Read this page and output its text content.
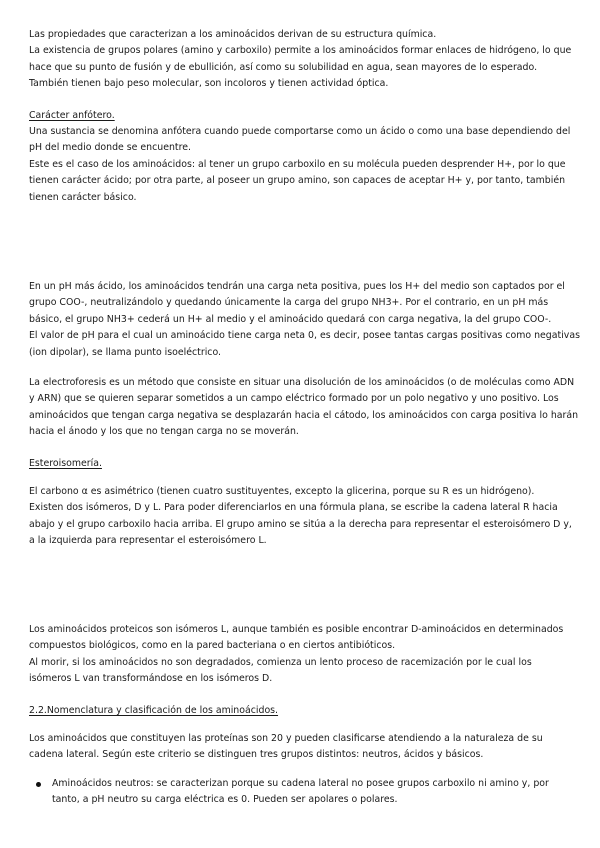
Las propiedades que caracterizan a los aminoácidos derivan de su estructura química.
La existencia de grupos polares (amino y carboxilo) permite a los aminoácidos formar enlaces de hidrógeno, lo que
hace que su punto de fusión y de ebullición, así como su solubilidad en agua, sean mayores de lo esperado.
También tienen bajo peso molecular, son incoloros y tienen actividad óptica.

Carácter anfótero.

Una sustancia se denomina anfótera cuando puede comportarse como un ácido o como una base dependiendo del
pH del medio donde se encuentre.
Este es el caso de los aminoácidos: al tener un grupo carboxilo en su molécula pueden desprender H+, por lo que
tienen carácter ácido; por otra parte, al poseer un grupo amino, son capaces de aceptar H+ y, por tanto, también
tienen carácter básico.

En un pH más ácido, los aminoácidos tendrán una carga neta positiva, pues los H+ del medio son captados por el
grupo COO-, neutralizándolo y quedando únicamente la carga del grupo NH3+. Por el contrario, en un pH más
básico, el grupo NH3+ cederá un H+ al medio y el aminoácido quedará con carga negativa, la del grupo COO-.
El valor de pH para el cual un aminoácido tiene carga neta 0, es decir, posee tantas cargas positivas como negativas
(ion dipolar), se llama punto isoeléctrico.

La electroforesis es un método que consiste en situar una disolución de los aminoácidos (o de moléculas como ADN
y ARN) que se quieren separar sometidos a un campo eléctrico formado por un polo negativo y uno positivo. Los
aminoácidos que tengan carga negativa se desplazarán hacia el cátodo, los aminoácidos con carga positiva lo harán
hacia el ánodo y los que no tengan carga no se moverán.

Esteroisomería.

El carbono α es asimétrico (tienen cuatro sustituyentes, excepto la glicerina, porque su R es un hidrógeno).
Existen dos isómeros, D y L. Para poder diferenciarlos en una fórmula plana, se escribe la cadena lateral R hacia
abajo y el grupo carboxilo hacia arriba. El grupo amino se sitúa a la derecha para representar el esteroisómero D y,
a la izquierda para representar el esteroisómero L.

Los aminoácidos proteicos son isómeros L, aunque también es posible encontrar D-aminoácidos en determinados
compuestos biológicos, como en la pared bacteriana o en ciertos antibióticos.
Al morir, si los aminoácidos no son degradados, comienza un lento proceso de racemización por le cual los
isómeros L van transformándose en los isómeros D.

2.2.Nomenclatura y clasificación de los aminoácidos.

Los aminoácidos que constituyen las proteínas son 20 y pueden clasificarse atendiendo a la naturaleza de su
cadena lateral. Según este criterio se distinguen tres grupos distintos: neutros, ácidos y básicos.

Aminoácidos neutros: se caracterizan porque su cadena lateral no posee grupos carboxilo ni amino y, por
tanto, a pH neutro su carga eléctrica es 0. Pueden ser apolares o polares.
